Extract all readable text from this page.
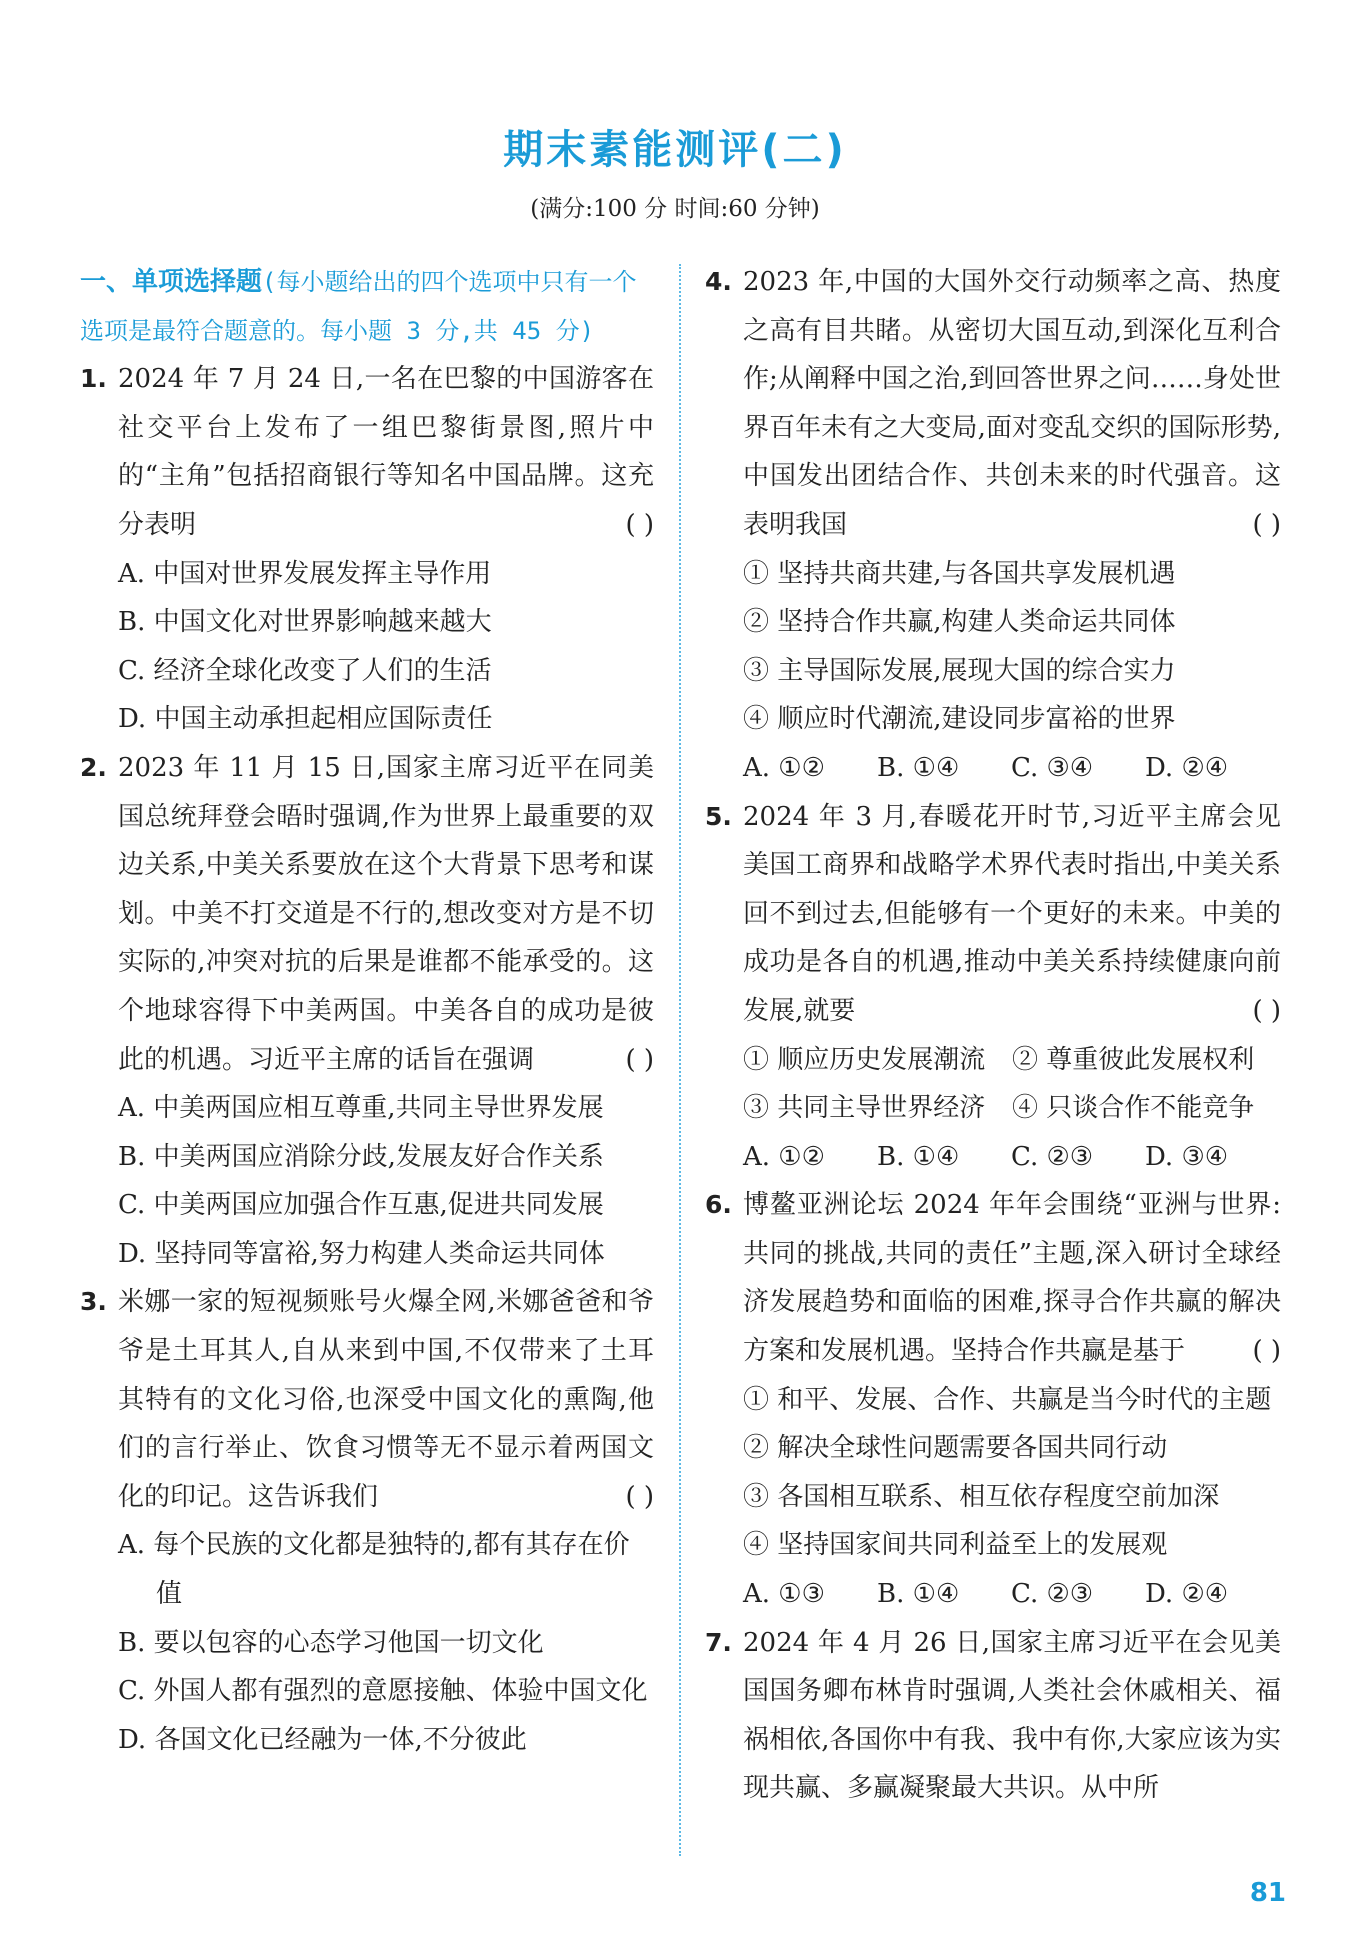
期末素能测评(二)
(满分:100 分 时间:60 分钟)
一、单项选择题(每小题给出的四个选项中只有一个选项是最符合题意的。每小题 3 分,共 45 分)
1. 2024 年 7 月 24 日,一名在巴黎的中国游客在社交平台上发布了一组巴黎街景图,照片中的“主角”包括招商银行等知名中国品牌。这充分表明	( )
A. 中国对世界发展发挥主导作用
B. 中国文化对世界影响越来越大
C. 经济全球化改变了人们的生活
D. 中国主动承担起相应国际责任
2. 2023 年 11 月 15 日,国家主席习近平在同美国总统拜登会晤时强调,作为世界上最重要的双边关系,中美关系要放在这个大背景下思考和谋划。中美不打交道是不行的,想改变对方是不切实际的,冲突对抗的后果是谁都不能承受的。这个地球容得下中美两国。中美各自的成功是彼此的机遇。习近平主席的话旨在强调	( )
A. 中美两国应相互尊重,共同主导世界发展
B. 中美两国应消除分歧,发展友好合作关系
C. 中美两国应加强合作互惠,促进共同发展
D. 坚持同等富裕,努力构建人类命运共同体
3. 米娜一家的短视频账号火爆全网,米娜爸爸和爷爷是土耳其人,自从来到中国,不仅带来了土耳其特有的文化习俗,也深受中国文化的熏陶,他们的言行举止、饮食习惯等无不显示着两国文化的印记。这告诉我们	( )
A. 每个民族的文化都是独特的,都有其存在价值
B. 要以包容的心态学习他国一切文化
C. 外国人都有强烈的意愿接触、体验中国文化
D. 各国文化已经融为一体,不分彼此
4. 2023 年,中国的大国外交行动频率之高、热度之高有目共睹。从密切大国互动,到深化互利合作;从阐释中国之治,到回答世界之问……身处世界百年未有之大变局,面对变乱交织的国际形势,中国发出团结合作、共创未来的时代强音。这表明我国	( )
① 坚持共商共建,与各国共享发展机遇
② 坚持合作共赢,构建人类命运共同体
③ 主导国际发展,展现大国的综合实力
④ 顺应时代潮流,建设同步富裕的世界
A. ①②	B. ①④	C. ③④	D. ②④
5. 2024 年 3 月,春暖花开时节,习近平主席会见美国工商界和战略学术界代表时指出,中美关系回不到过去,但能够有一个更好的未来。中美的成功是各自的机遇,推动中美关系持续健康向前发展,就要	( )
① 顺应历史发展潮流	② 尊重彼此发展权利
③ 共同主导世界经济	④ 只谈合作不能竞争
A. ①②	B. ①④	C. ②③	D. ③④
6. 博鳌亚洲论坛 2024 年年会围绕“亚洲与世界:共同的挑战,共同的责任”主题,深入研讨全球经济发展趋势和面临的困难,探寻合作共赢的解决方案和发展机遇。坚持合作共赢是基于	( )
① 和平、发展、合作、共赢是当今时代的主题
② 解决全球性问题需要各国共同行动
③ 各国相互联系、相互依存程度空前加深
④ 坚持国家间共同利益至上的发展观
A. ①③	B. ①④	C. ②③	D. ②④
7. 2024 年 4 月 26 日,国家主席习近平在会见美国国务卿布林肯时强调,人类社会休戚相关、福祸相依,各国你中有我、我中有你,大家应该为实现共赢、多赢凝聚最大共识。从中所
81
